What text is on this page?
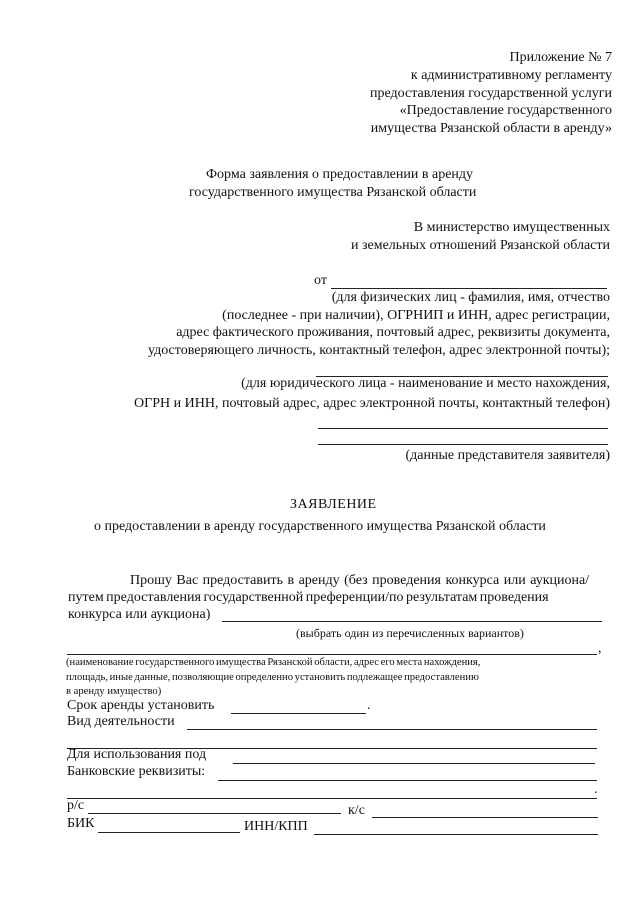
Приложение № 7
к административному регламенту
предоставления государственной услуги
«Предоставление государственного
имущества Рязанской области в аренду»
Форма заявления о предоставлении в аренду
государственного имущества Рязанской области
В министерство имущественных
и земельных отношений Рязанской области
от
(для физических лиц - фамилия, имя, отчество
(последнее - при наличии), ОГРНИП и ИНН, адрес регистрации,
адрес фактического проживания, почтовый адрес, реквизиты документа,
удостоверяющего личность, контактный телефон, адрес электронной почты);
(для юридического лица - наименование и место нахождения,
ОГРН и ИНН, почтовый адрес, адрес электронной почты, контактный телефон)
(данные представителя заявителя)
ЗАЯВЛЕНИЕ
о предоставлении в аренду государственного имущества Рязанской области
Прошу Вас предоставить в аренду (без проведения конкурса или аукциона/
путем предоставления государственной преференции/по результатам проведения
конкурса или аукциона)
(выбрать один из перечисленных вариантов)
,
(наименование государственного имущества Рязанской области, адрес его места нахождения,
площадь, иные данные, позволяющие определенно установить подлежащее предоставлению
в аренду имущество)
Срок аренды установить	.
Вид деятельности
Для использования под
.
Банковские реквизиты:
р/с	к/с
БИК	ИНН/КПП
